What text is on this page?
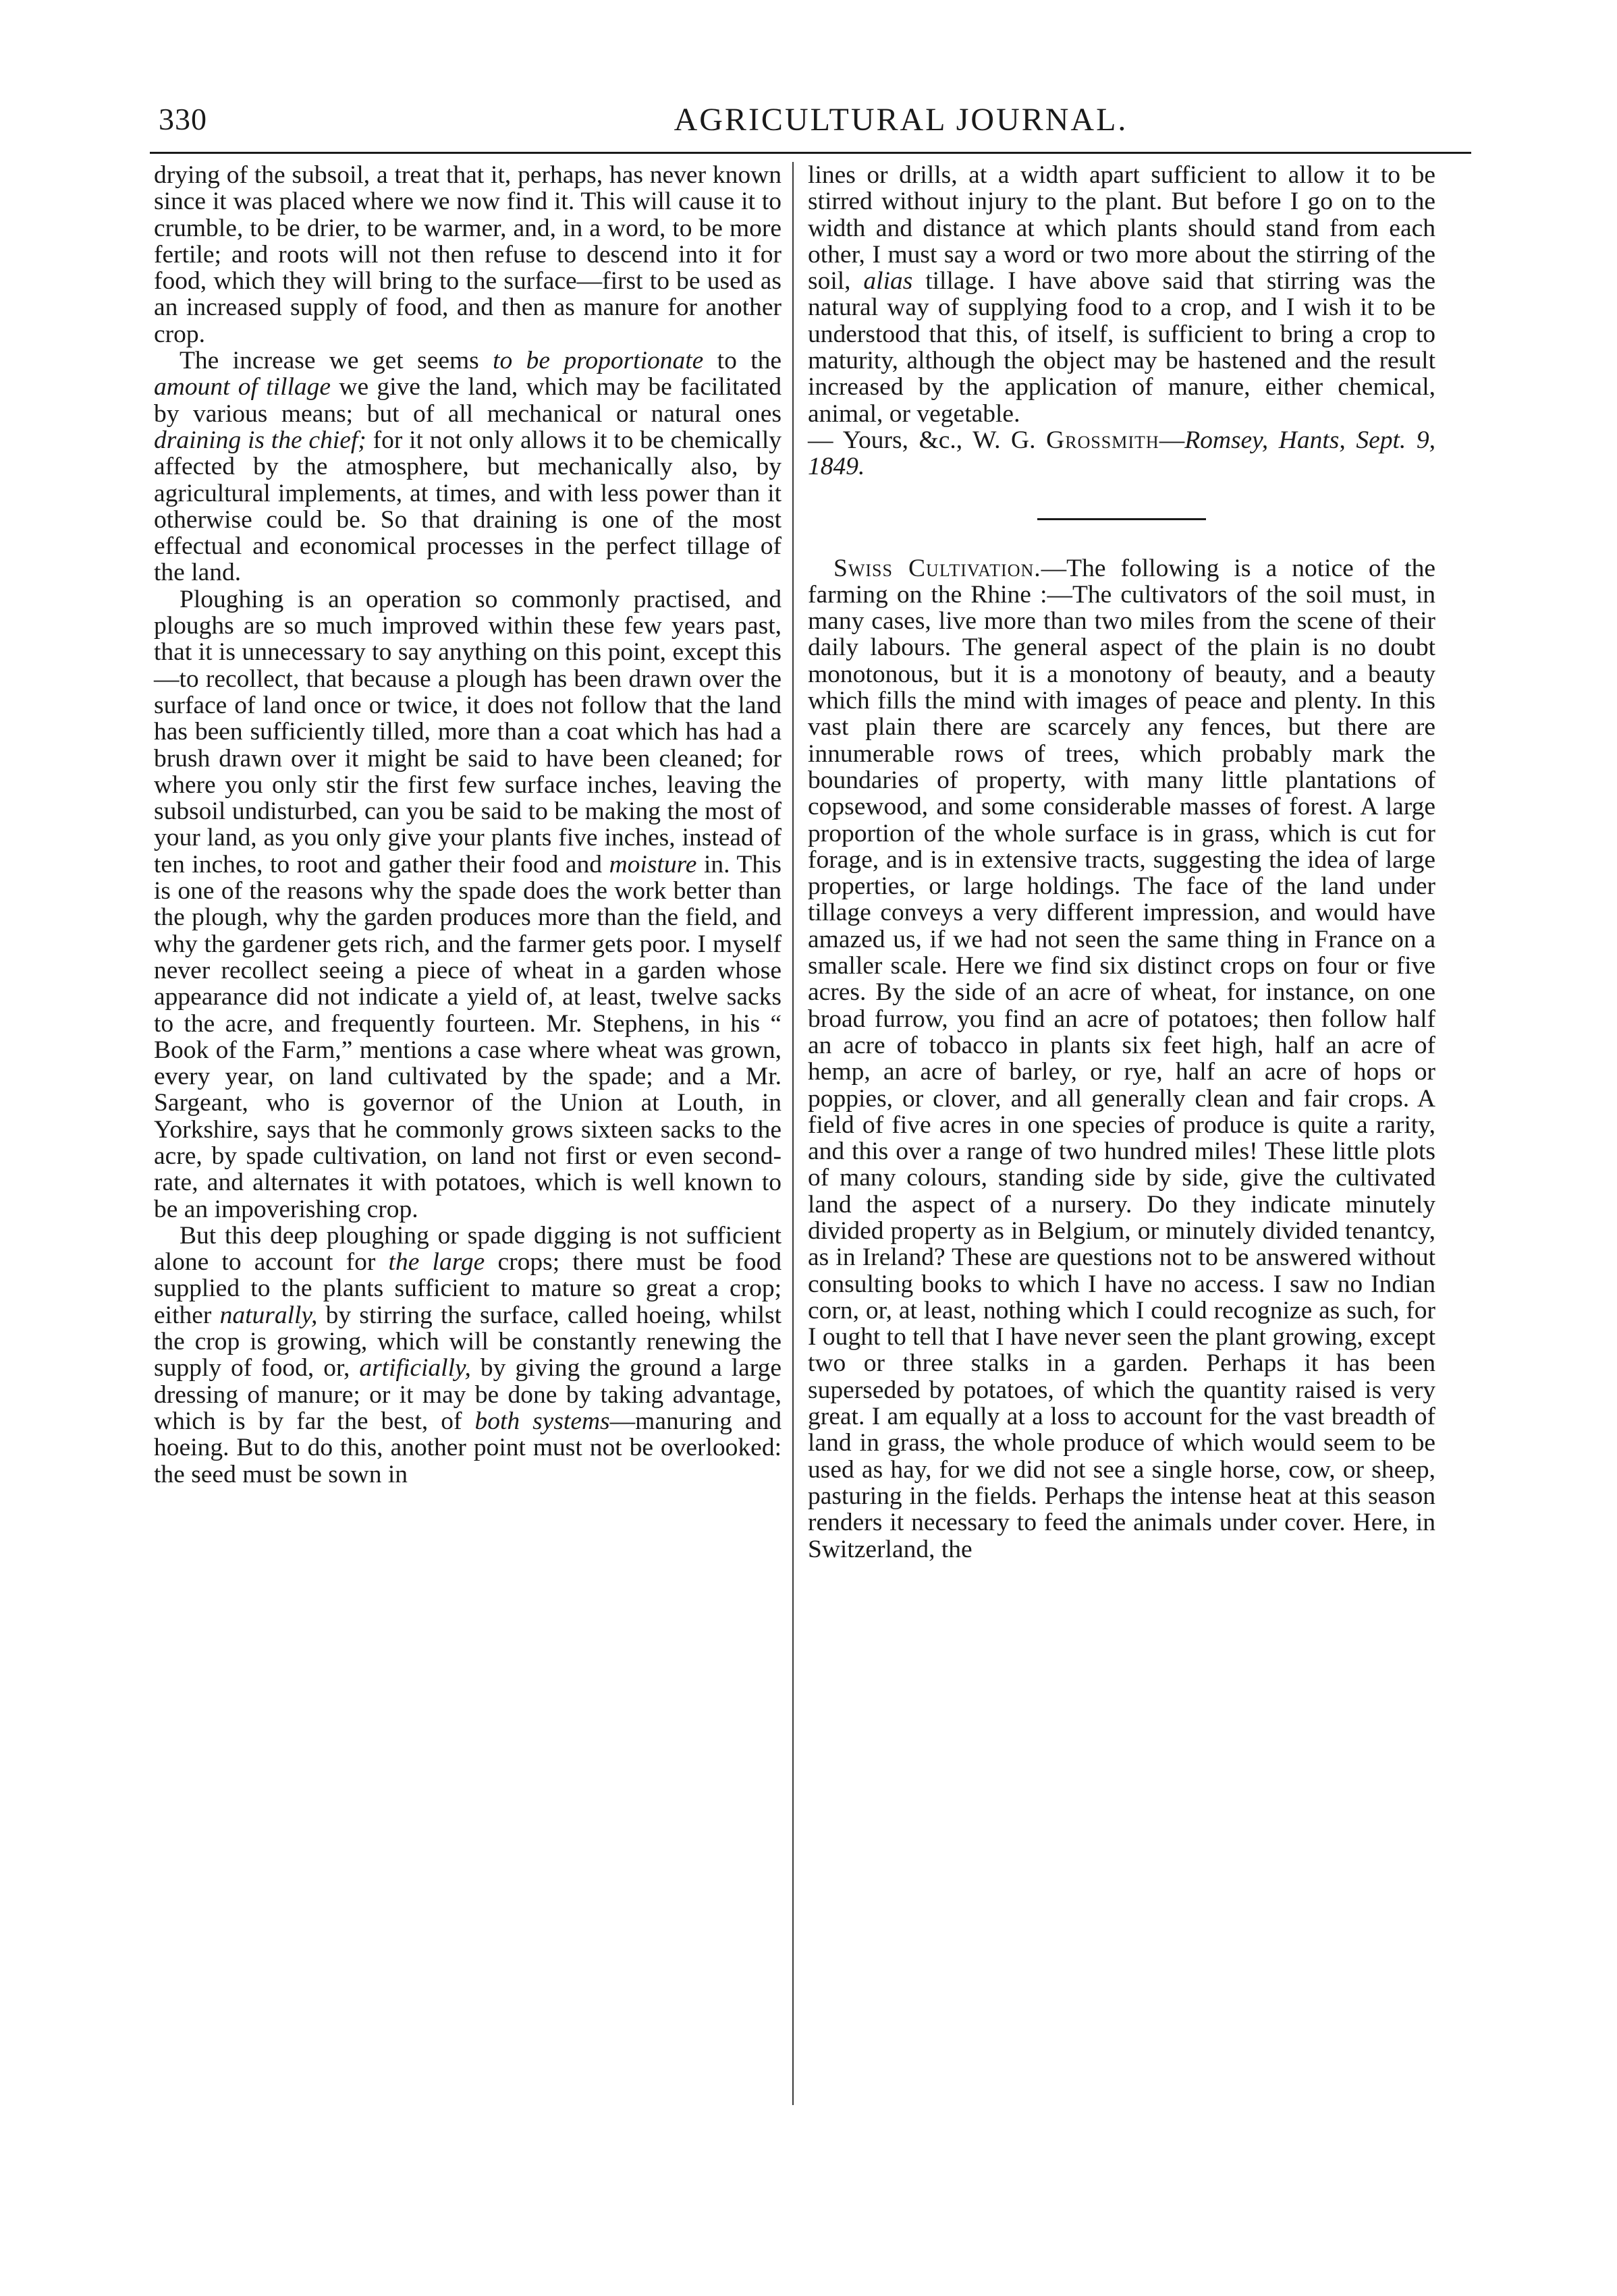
330	AGRICULTURAL JOURNAL.

drying of the subsoil, a treat that it, perhaps, has never known since it was placed where we now find it. This will cause it to crumble, to be drier, to be warmer, and, in a word, to be more fertile; and roots will not then refuse to descend into it for food, which they will bring to the surface—first to be used as an increased supply of food, and then as manure for another crop.

The increase we get seems to be proportionate to the amount of tillage we give the land, which may be facilitated by various means; but of all mechanical or natural ones draining is the chief; for it not only allows it to be chemically affected by the atmosphere, but mechanically also, by agricultural implements, at times, and with less power than it otherwise could be. So that draining is one of the most effectual and economical processes in the perfect tillage of the land.

Ploughing is an operation so commonly practised, and ploughs are so much improved within these few years past, that it is unnecessary to say anything on this point, except this—to recollect, that because a plough has been drawn over the surface of land once or twice, it does not follow that the land has been sufficiently tilled, more than a coat which has had a brush drawn over it might be said to have been cleaned; for where you only stir the first few surface inches, leaving the subsoil undisturbed, can you be said to be making the most of your land, as you only give your plants five inches, instead of ten inches, to root and gather their food and moisture in. This is one of the reasons why the spade does the work better than the plough, why the garden produces more than the field, and why the gardener gets rich, and the farmer gets poor. I myself never recollect seeing a piece of wheat in a garden whose appearance did not indicate a yield of, at least, twelve sacks to the acre, and frequently fourteen. Mr. Stephens, in his “ Book of the Farm,” mentions a case where wheat was grown, every year, on land cultivated by the spade; and a Mr. Sargeant, who is governor of the Union at Louth, in Yorkshire, says that he commonly grows sixteen sacks to the acre, by spade cultivation, on land not first or even second-rate, and alternates it with potatoes, which is well known to be an impoverishing crop.

But this deep ploughing or spade digging is not sufficient alone to account for the large crops; there must be food supplied to the plants sufficient to mature so great a crop; either naturally, by stirring the surface, called hoeing, whilst the crop is growing, which will be constantly renewing the supply of food, or, artificially, by giving the ground a large dressing of manure; or it may be done by taking advantage, which is by far the best, of both systems—manuring and hoeing. But to do this, another point must not be overlooked: the seed must be sown in

lines or drills, at a width apart sufficient to allow it to be stirred without injury to the plant. But before I go on to the width and distance at which plants should stand from each other, I must say a word or two more about the stirring of the soil, alias tillage. I have above said that stirring was the natural way of supplying food to a crop, and I wish it to be understood that this, of itself, is sufficient to bring a crop to maturity, although the object may be hastened and the result increased by the application of manure, either chemical, animal, or vegetable.

— Yours, &c., W. G. Grossmith—Romsey, Hants, Sept. 9, 1849.

Swiss Cultivation.—The following is a notice of the farming on the Rhine :—The cultivators of the soil must, in many cases, live more than two miles from the scene of their daily labours. The general aspect of the plain is no doubt monotonous, but it is a monotony of beauty, and a beauty which fills the mind with images of peace and plenty. In this vast plain there are scarcely any fences, but there are innumerable rows of trees, which probably mark the boundaries of property, with many little plantations of copsewood, and some considerable masses of forest. A large proportion of the whole surface is in grass, which is cut for forage, and is in extensive tracts, suggesting the idea of large properties, or large holdings. The face of the land under tillage conveys a very different impression, and would have amazed us, if we had not seen the same thing in France on a smaller scale. Here we find six distinct crops on four or five acres. By the side of an acre of wheat, for instance, on one broad furrow, you find an acre of potatoes; then follow half an acre of tobacco in plants six feet high, half an acre of hemp, an acre of barley, or rye, half an acre of hops or poppies, or clover, and all generally clean and fair crops. A field of five acres in one species of produce is quite a rarity, and this over a range of two hundred miles! These little plots of many colours, standing side by side, give the cultivated land the aspect of a nursery. Do they indicate minutely divided property as in Belgium, or minutely divided tenantcy, as in Ireland? These are questions not to be answered without consulting books to which I have no access. I saw no Indian corn, or, at least, nothing which I could recognize as such, for I ought to tell that I have never seen the plant growing, except two or three stalks in a garden. Perhaps it has been superseded by potatoes, of which the quantity raised is very great. I am equally at a loss to account for the vast breadth of land in grass, the whole produce of which would seem to be used as hay, for we did not see a single horse, cow, or sheep, pasturing in the fields. Perhaps the intense heat at this season renders it necessary to feed the animals under cover. Here, in Switzerland, the
